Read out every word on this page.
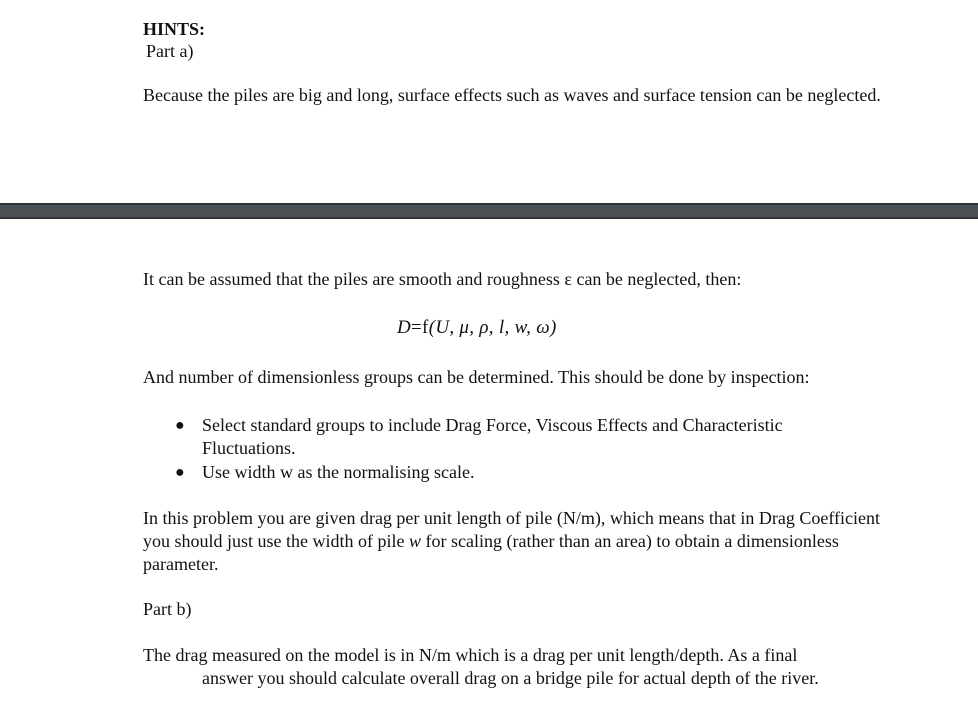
HINTS:
Part a)
Because the piles are big and long, surface effects such as waves and surface tension can be neglected.
It can be assumed that the piles are smooth and roughness ε can be neglected, then:
D=f(U, μ, ρ, l, w, ω)
And number of dimensionless groups can be determined. This should be done by inspection:
● Select standard groups to include Drag Force, Viscous Effects and Characteristic Fluctuations.
● Use width w as the normalising scale.
In this problem you are given drag per unit length of pile (N/m), which means that in Drag Coefficient you should just use the width of pile w for scaling (rather than an area) to obtain a dimensionless parameter.
Part b)
The drag measured on the model is in N/m which is a drag per unit length/depth. As a final
answer you should calculate overall drag on a bridge pile for actual depth of the river.
